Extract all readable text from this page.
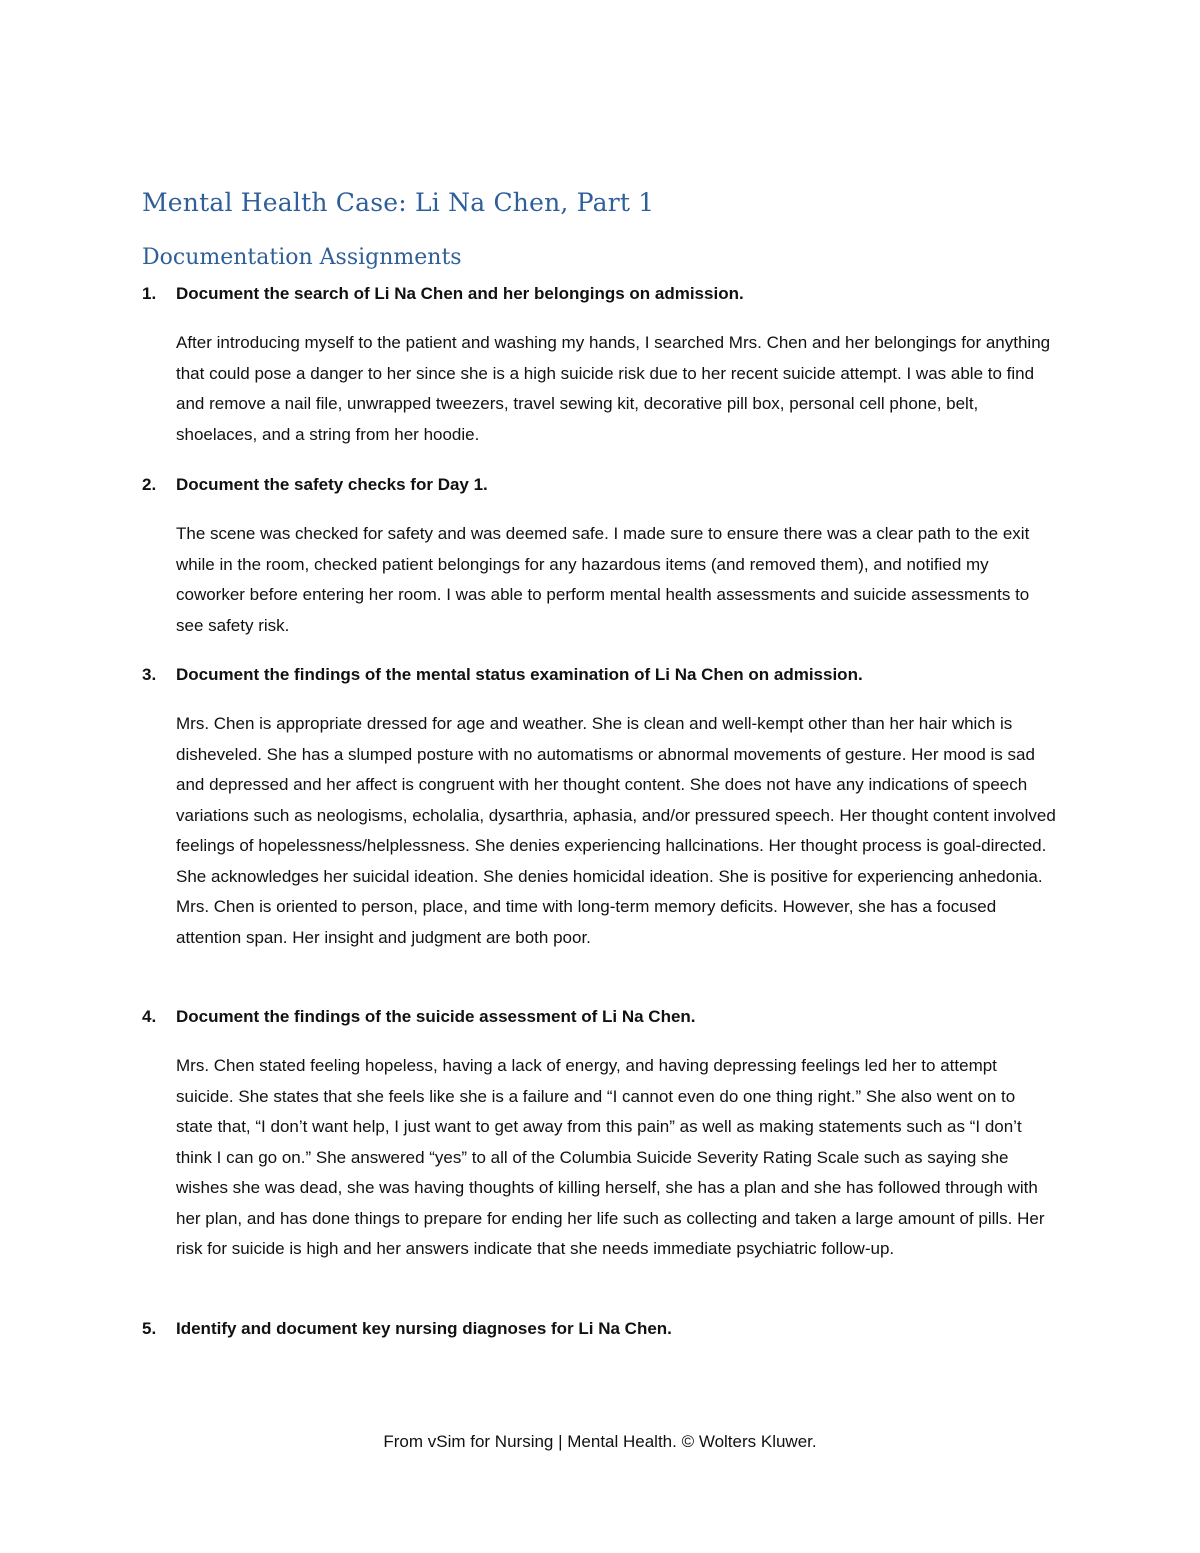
Mental Health Case: Li Na Chen, Part 1
Documentation Assignments
1. Document the search of Li Na Chen and her belongings on admission.
After introducing myself to the patient and washing my hands, I searched Mrs. Chen and her belongings for anything that could pose a danger to her since she is a high suicide risk due to her recent suicide attempt. I was able to find and remove a nail file, unwrapped tweezers, travel sewing kit, decorative pill box, personal cell phone, belt, shoelaces, and a string from her hoodie.
2. Document the safety checks for Day 1.
The scene was checked for safety and was deemed safe. I made sure to ensure there was a clear path to the exit while in the room, checked patient belongings for any hazardous items (and removed them), and notified my coworker before entering her room. I was able to perform mental health assessments and suicide assessments to see safety risk.
3. Document the findings of the mental status examination of Li Na Chen on admission.
Mrs. Chen is appropriate dressed for age and weather. She is clean and well-kempt other than her hair which is disheveled. She has a slumped posture with no automatisms or abnormal movements of gesture. Her mood is sad and depressed and her affect is congruent with her thought content. She does not have any indications of speech variations such as neologisms, echolalia, dysarthria, aphasia, and/or pressured speech. Her thought content involved feelings of hopelessness/helplessness. She denies experiencing hallcinations. Her thought process is goal-directed. She acknowledges her suicidal ideation. She denies homicidal ideation. She is positive for experiencing anhedonia. Mrs. Chen is oriented to person, place, and time with long-term memory deficits. However, she has a focused attention span. Her insight and judgment are both poor.
4. Document the findings of the suicide assessment of Li Na Chen.
Mrs. Chen stated feeling hopeless, having a lack of energy, and having depressing feelings led her to attempt suicide. She states that she feels like she is a failure and “I cannot even do one thing right.” She also went on to state that, “I don’t want help, I just want to get away from this pain” as well as making statements such as “I don’t think I can go on.” She answered “yes” to all of the Columbia Suicide Severity Rating Scale such as saying she wishes she was dead, she was having thoughts of killing herself, she has a plan and she has followed through with her plan, and has done things to prepare for ending her life such as collecting and taken a large amount of pills. Her risk for suicide is high and her answers indicate that she needs immediate psychiatric follow-up.
5. Identify and document key nursing diagnoses for Li Na Chen.
From vSim for Nursing | Mental Health. © Wolters Kluwer.
